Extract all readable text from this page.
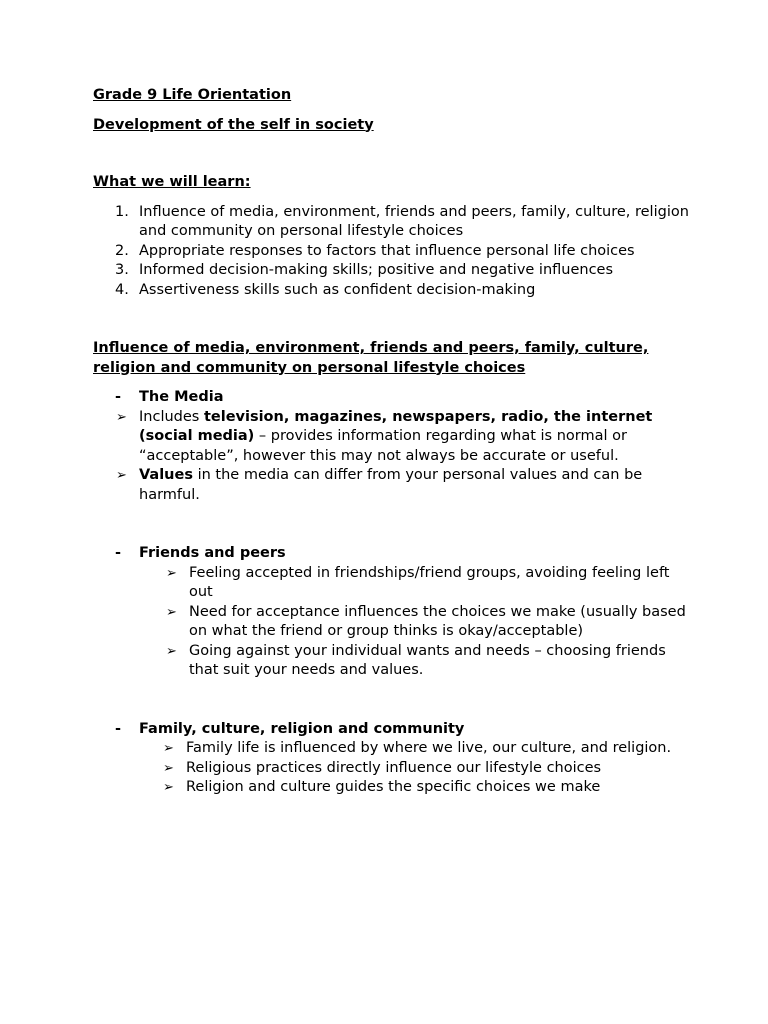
Grade 9 Life Orientation

Development of the self in society

What we will learn:

1. Influence of media, environment, friends and peers, family, culture, religion and community on personal lifestyle choices
2. Appropriate responses to factors that influence personal life choices
3. Informed decision-making skills; positive and negative influences
4. Assertiveness skills such as confident decision-making

Influence of media, environment, friends and peers, family, culture, religion and community on personal lifestyle choices

- The Media
➢ Includes television, magazines, newspapers, radio, the internet (social media) – provides information regarding what is normal or “acceptable”, however this may not always be accurate or useful.
➢ Values in the media can differ from your personal values and can be harmful.
- Friends and peers
➢ Feeling accepted in friendships/friend groups, avoiding feeling left out
➢ Need for acceptance influences the choices we make (usually based on what the friend or group thinks is okay/acceptable)
➢ Going against your individual wants and needs – choosing friends that suit your needs and values.
- Family, culture, religion and community
➢ Family life is influenced by where we live, our culture, and religion.
➢ Religious practices directly influence our lifestyle choices
➢ Religion and culture guides the specific choices we make
